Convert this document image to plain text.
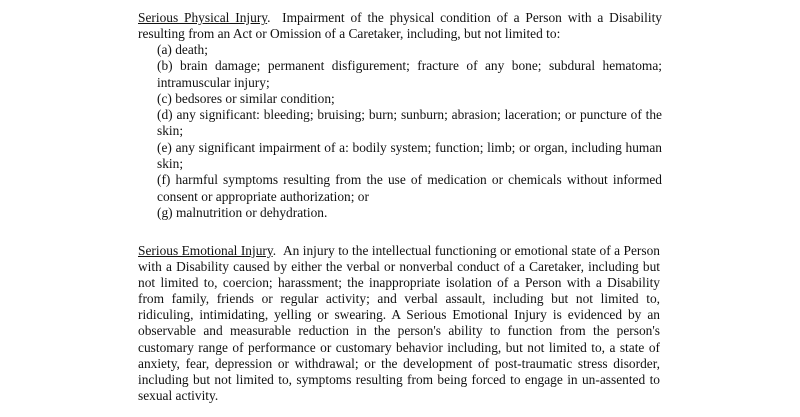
Serious Physical Injury. Impairment of the physical condition of a Person with a Disability resulting from an Act or Omission of a Caretaker, including, but not limited to:
(a) death;
(b) brain damage; permanent disfigurement; fracture of any bone; subdural hematoma; intramuscular injury;
(c) bedsores or similar condition;
(d) any significant: bleeding; bruising; burn; sunburn; abrasion; laceration; or puncture of the skin;
(e) any significant impairment of a: bodily system; function; limb; or organ, including human skin;
(f) harmful symptoms resulting from the use of medication or chemicals without informed consent or appropriate authorization; or
(g) malnutrition or dehydration.
Serious Emotional Injury. An injury to the intellectual functioning or emotional state of a Person with a Disability caused by either the verbal or nonverbal conduct of a Caretaker, including but not limited to, coercion; harassment; the inappropriate isolation of a Person with a Disability from family, friends or regular activity; and verbal assault, including but not limited to, ridiculing, intimidating, yelling or swearing. A Serious Emotional Injury is evidenced by an observable and measurable reduction in the person's ability to function from the person's customary range of performance or customary behavior including, but not limited to, a state of anxiety, fear, depression or withdrawal; or the development of post-traumatic stress disorder, including but not limited to, symptoms resulting from being forced to engage in un-assented to sexual activity.
